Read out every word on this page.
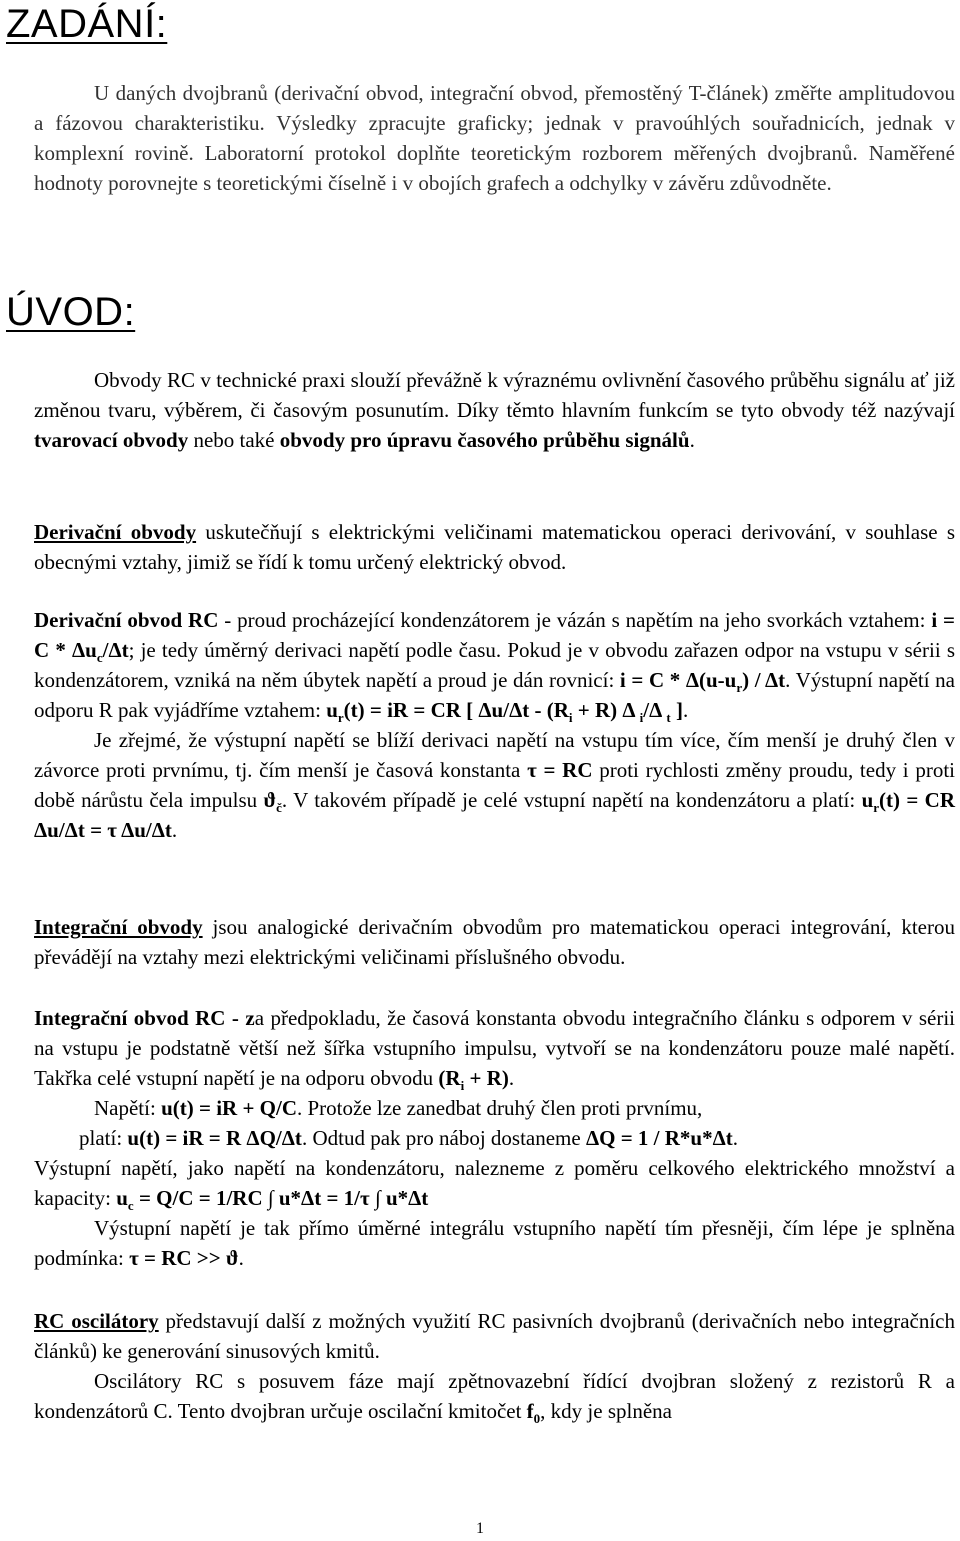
ZADÁNÍ:

U daných dvojbranů (derivační obvod, integrační obvod, přemostěný T-článek) změřte amplitudovou a fázovou charakteristiku. Výsledky zpracujte graficky; jednak v pravoúhlých souřadnicích, jednak v komplexní rovině. Laboratorní protokol doplňte teoretickým rozborem měřených dvojbranů. Naměřené hodnoty porovnejte s teoretickými číselně i v obojích grafech a odchylky v závěru zdůvodněte.

ÚVOD:

Obvody RC v technické praxi slouží převážně k výraznému ovlivnění časového průběhu signálu ať již změnou tvaru, výběrem, či časovým posunutím. Díky těmto hlavním funkcím se tyto obvody též nazývají tvarovací obvody nebo také obvody pro úpravu časového průběhu signálů.

Derivační obvody uskutečňují s elektrickými veličinami matematickou operaci derivování, v souhlase s obecnými vztahy, jimiž se řídí k tomu určený elektrický obvod.

Derivační obvod RC - proud procházející kondenzátorem je vázán s napětím na jeho svorkách vztahem: $i = C * \Delta u_c/\Delta t$; je tedy úměrný derivaci napětí podle času. Pokud je v obvodu zařazen odpor na vstupu v sérii s kondenzátorem, vzniká na něm úbytek napětí a proud je dán rovnicí: $i = C * \Delta(u-u_r) / \Delta t$. Výstupní napětí na odporu R pak vyjádříme vztahem: $u_r(t)$ = iR = CR [ $\Delta u/\Delta t - (R_i + R)$ Δ $_i$/Δ $_t$ ].
Je zřejmé, že výstupní napětí se blíží derivaci napětí na vstupu tím více, čím menší je druhý člen v závorce proti prvnímu, tj. čím menší je časová konstanta τ = RC proti rychlosti změny proudu, tedy i proti době nárůstu čela impulsu $ϑ_č$. V takovém případě je celé vstupní napětí na kondenzátoru a platí: $u_r(t)$ = CR Δu/Δt = τ Δu/Δt.

Integrační obvody jsou analogické derivačním obvodům pro matematickou operaci integrování, kterou převádějí na vztahy mezi elektrickými veličinami příslušného obvodu.

Integrační obvod RC - za předpokladu, že časová konstanta obvodu integračního článku s odporem v sérii na vstupu je podstatně větší než šířka vstupního impulsu, vytvoří se na kondenzátoru pouze malé napětí. Takřka celé vstupní napětí je na odporu obvodu $(R_i + R)$.
Napětí: u(t) = iR + Q/C. Protože lze zanedbat druhý člen proti prvnímu,
platí: u(t) = iR = R ΔQ/Δt. Odtud pak pro náboj dostaneme ΔQ = 1 / R*u*Δt.
Výstupní napětí, jako napětí na kondenzátoru, nalezneme z poměru celkového elektrického množství a kapacity: $u_c = Q/C = 1/RC$ ∫ u*Δt = 1/τ ∫ u*Δt
Výstupní napětí je tak přímo úměrné integrálu vstupního napětí tím přesněji, čím lépe je splněna podmínka: τ = RC >> ϑ.

RC oscilátory představují další z možných využití RC pasivních dvojbranů (derivačních nebo integračních článků) ke generování sinusových kmitů.
Oscilátory RC s posuvem fáze mají zpětnovazební řídící dvojbran složený z rezistorů R a kondenzátorů C. Tento dvojbran určuje oscilační kmitočet $f_0$, kdy je splněna

1
